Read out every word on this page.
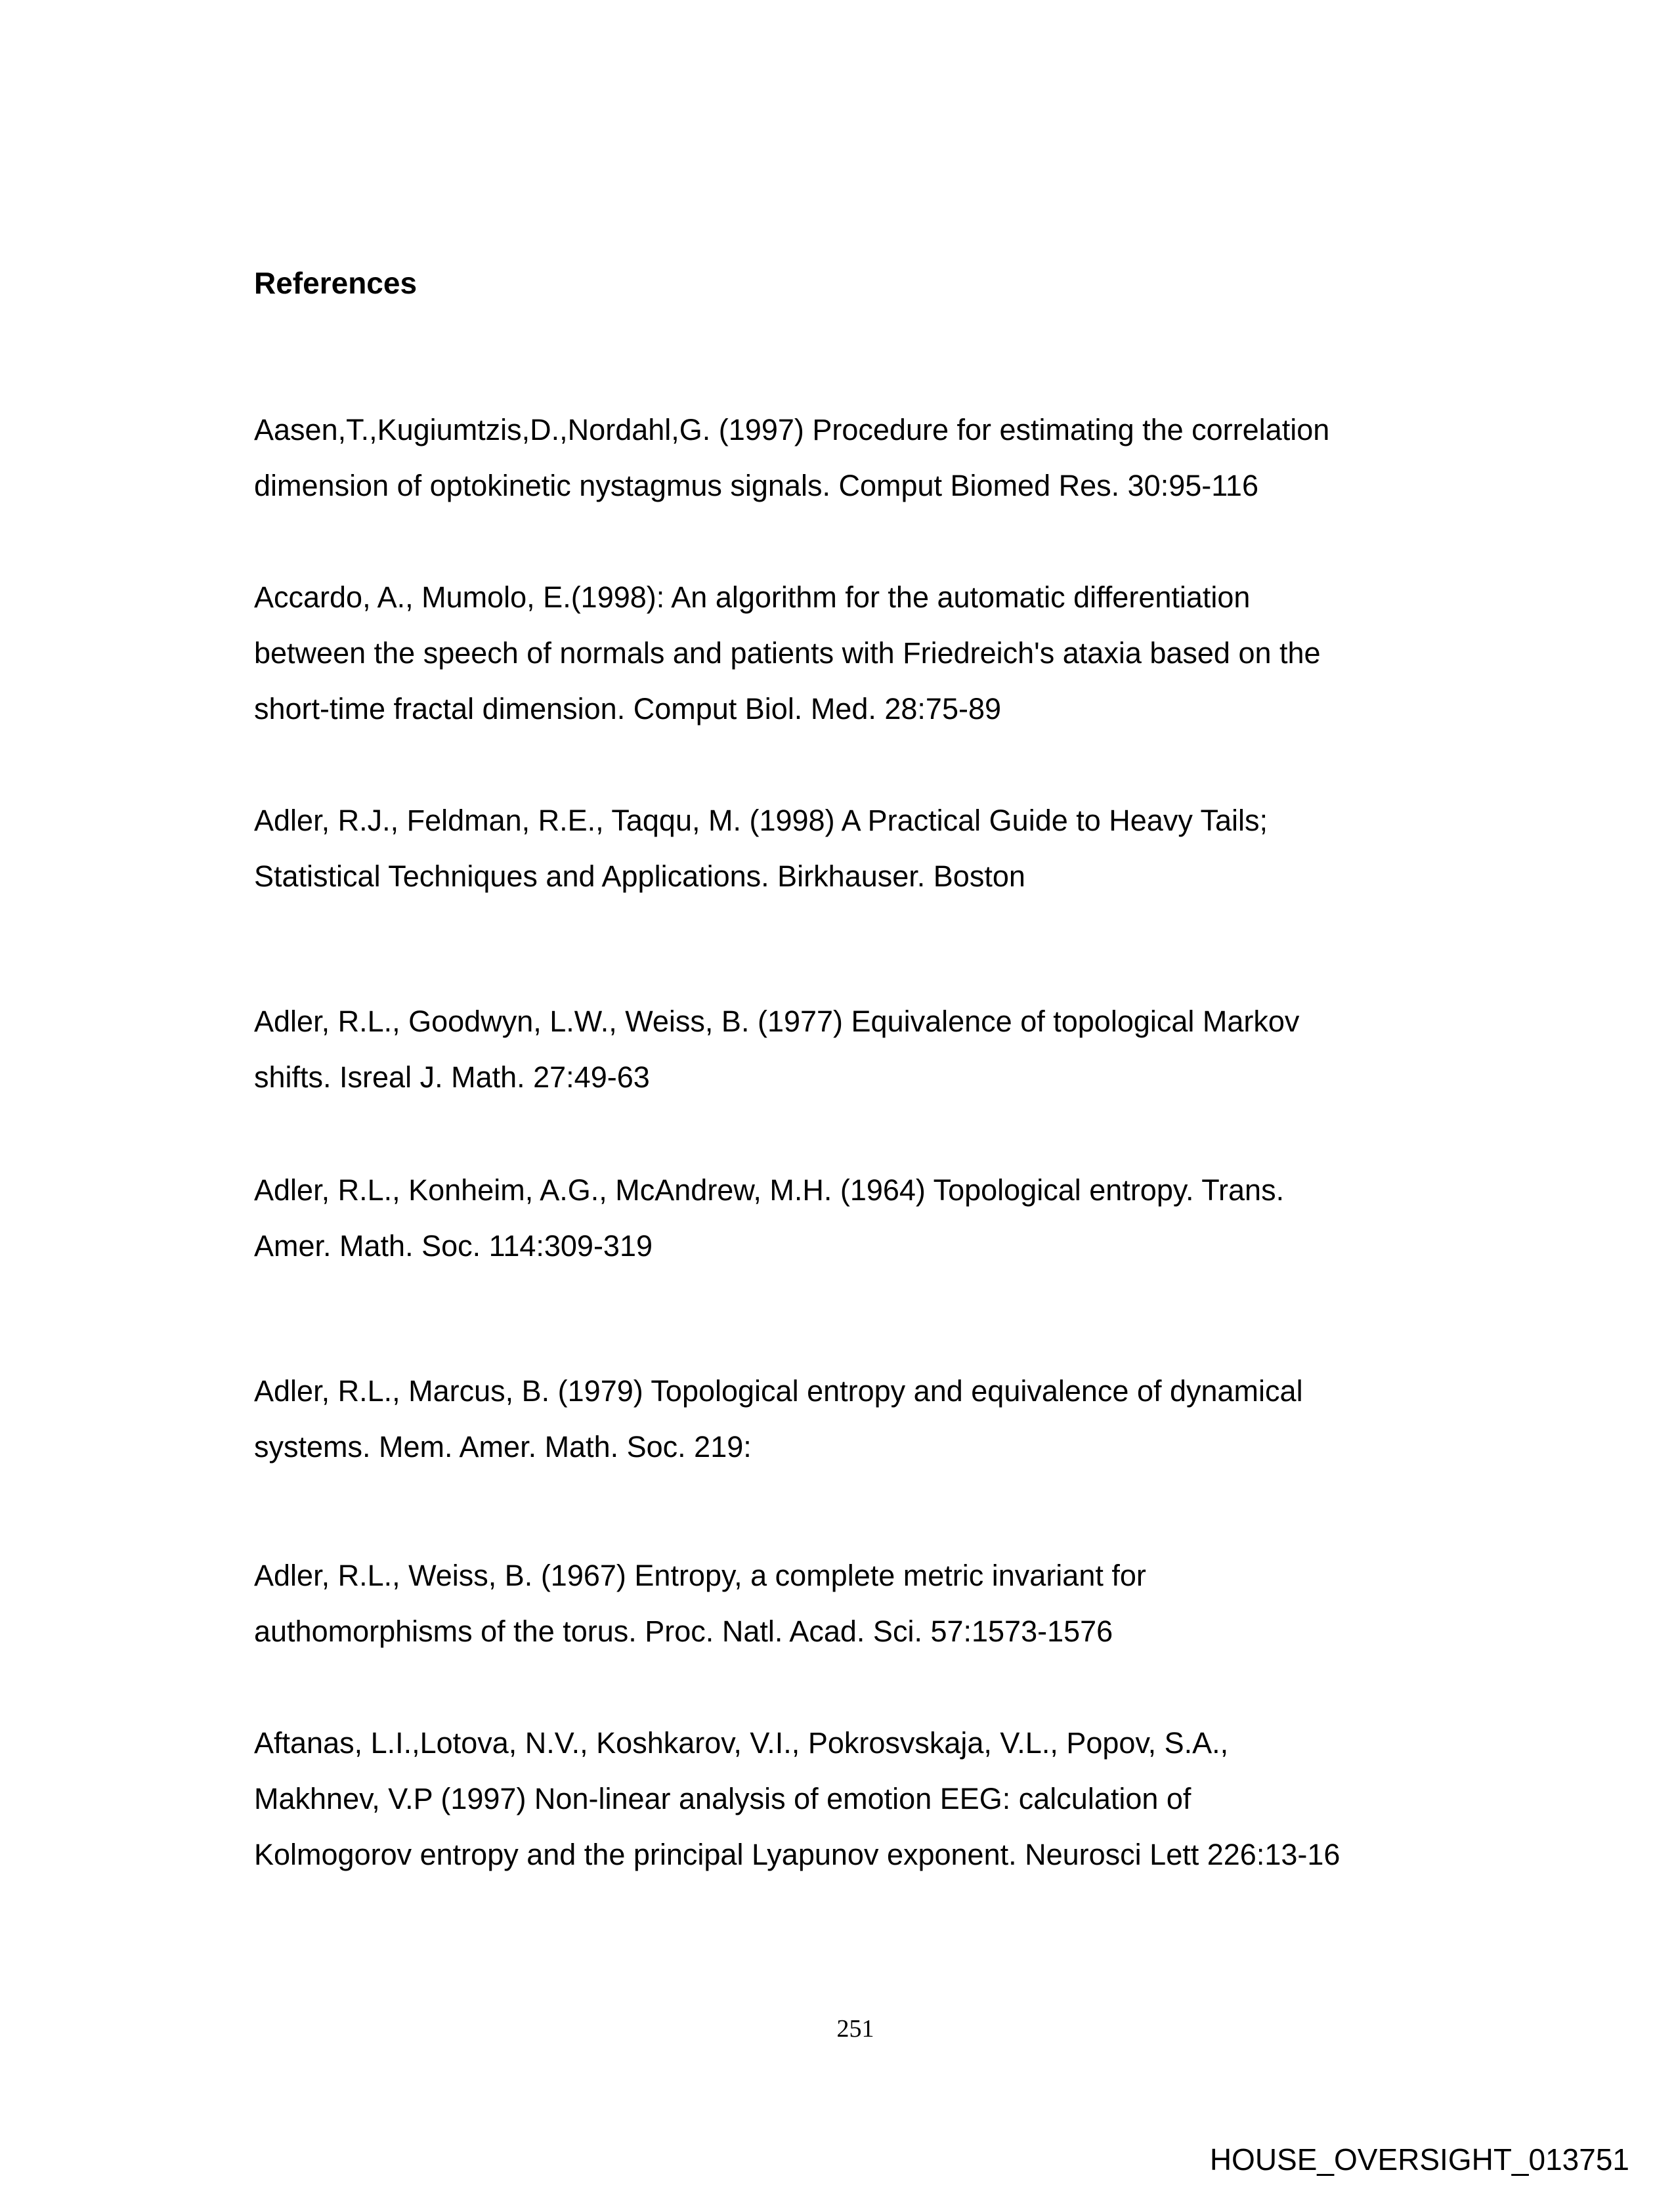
References
Aasen,T.,Kugiumtzis,D.,Nordahl,G. (1997) Procedure for estimating the correlation
dimension of optokinetic nystagmus signals. Comput Biomed Res. 30:95-116
Accardo, A., Mumolo, E.(1998): An algorithm for the automatic differentiation
between the speech of normals and patients with Friedreich's ataxia based on the
short-time fractal dimension. Comput Biol. Med. 28:75-89
Adler, R.J., Feldman, R.E., Taqqu, M. (1998) A Practical Guide to Heavy Tails;
Statistical Techniques and Applications. Birkhauser. Boston
Adler, R.L., Goodwyn, L.W., Weiss, B. (1977) Equivalence of topological Markov
shifts. Isreal J. Math. 27:49-63
Adler, R.L., Konheim, A.G., McAndrew, M.H. (1964) Topological entropy. Trans.
Amer. Math. Soc. 114:309-319
Adler, R.L., Marcus, B. (1979) Topological entropy and equivalence of dynamical
systems. Mem. Amer. Math. Soc. 219:
Adler, R.L., Weiss, B. (1967) Entropy, a complete metric invariant for
authomorphisms of the torus. Proc. Natl. Acad. Sci. 57:1573-1576
Aftanas, L.I.,Lotova, N.V., Koshkarov, V.I., Pokrosvskaja, V.L., Popov, S.A.,
Makhnev, V.P (1997) Non-linear analysis of emotion EEG: calculation of
Kolmogorov entropy and the principal Lyapunov exponent. Neurosci Lett 226:13-16
251
HOUSE_OVERSIGHT_013751
